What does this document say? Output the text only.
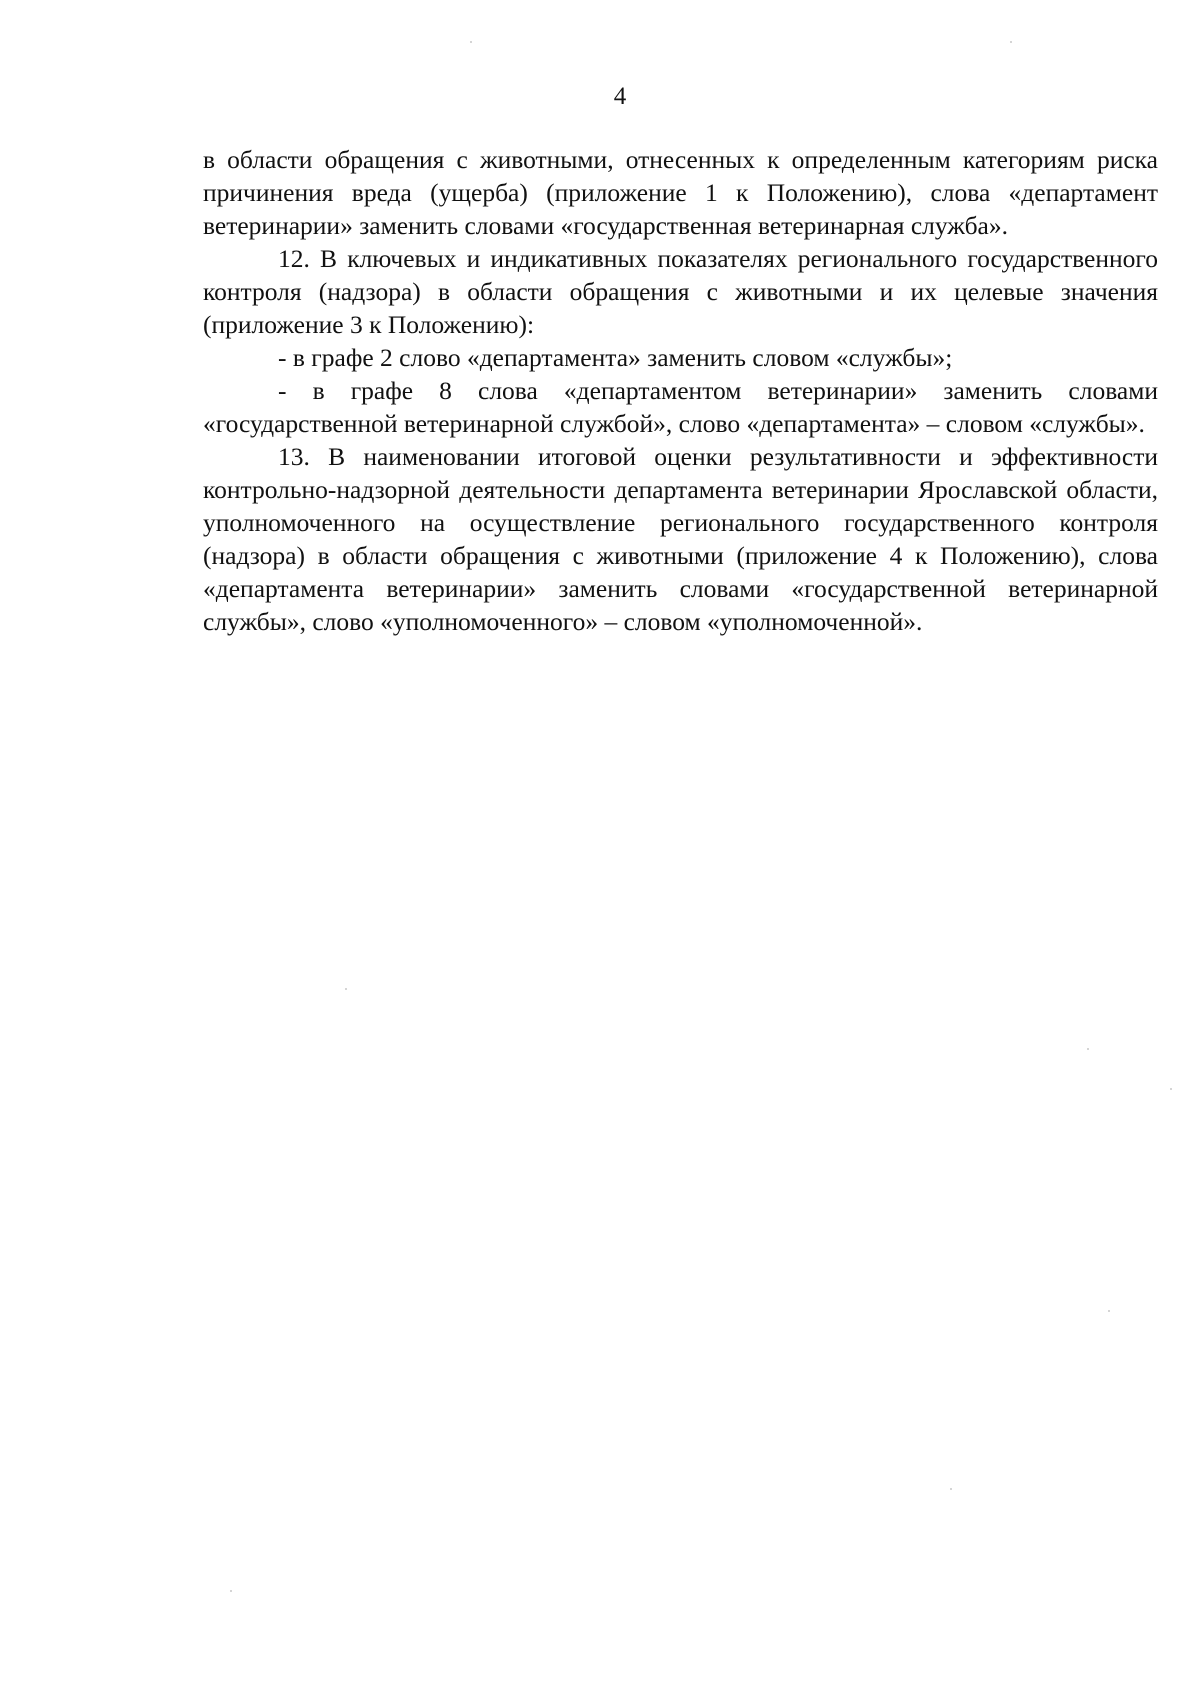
4

в области обращения с животными, отнесенных к определенным категориям риска причинения вреда (ущерба) (приложение 1 к Положению), слова «департамент ветеринарии» заменить словами «государственная ветеринарная служба».

12. В ключевых и индикативных показателях регионального государственного контроля (надзора) в области обращения с животными и их целевые значения (приложение 3 к Положению):

- в графе 2 слово «департамента» заменить словом «службы»;

- в графе 8 слова «департаментом ветеринарии» заменить словами «государственной ветеринарной службой», слово «департамента» – словом «службы».

13. В наименовании итоговой оценки результативности и эффективности контрольно-надзорной деятельности департамента ветеринарии Ярославской области, уполномоченного на осуществление регионального государственного контроля (надзора) в области обращения с животными (приложение 4 к Положению), слова «департамента ветеринарии» заменить словами «государственной ветеринарной службы», слово «уполномоченного» – словом «уполномоченной».
